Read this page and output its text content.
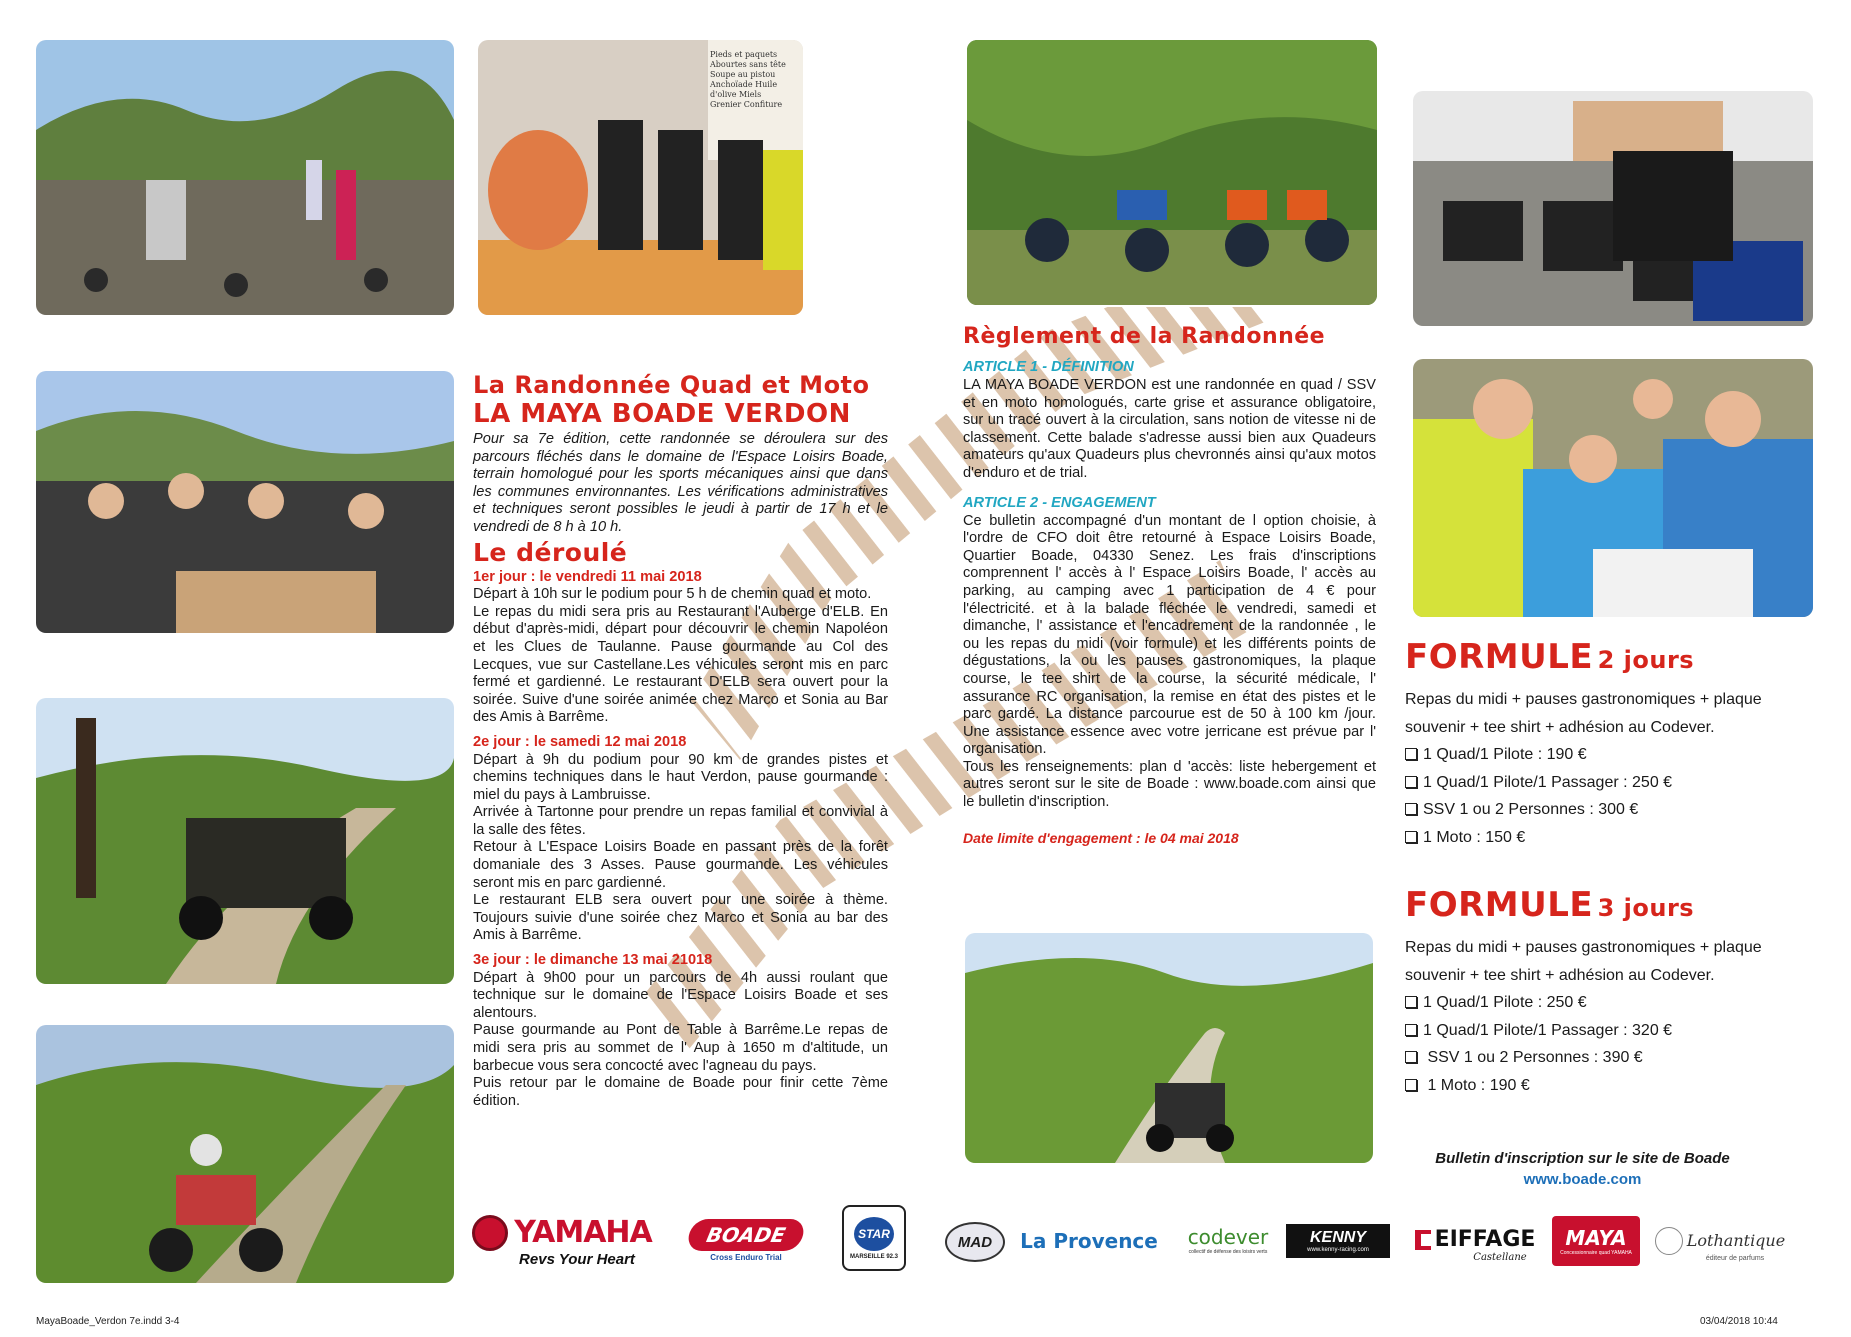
Pieds et paquets Abourtes sans tête Soupe au pistou Anchoïade Huile d'olive Miels Grenier Confiture
La Randonnée Quad et Moto
LA MAYA BOADE VERDON

Pour sa 7e édition, cette randonnée se déroulera sur des parcours fléchés dans le domaine de l'Espace Loisirs Boade, terrain homologué pour les sports mécaniques ainsi que dans les communes environnantes. Les vérifications administratives et techniques seront possibles le jeudi à partir de 17 h et le vendredi de 8 h à 10 h.

Le déroulé
1er jour : le vendredi 11 mai 2018

Départ à 10h sur le podium pour 5 h de chemin quad et moto.

Le repas du midi sera pris au Restaurant l'Auberge d'ELB. En début d'après-midi, départ pour découvrir le chemin Napoléon et les Clues de Taulanne. Pause gourmande au Col des Lecques, vue sur Castellane.Les véhicules seront mis en parc fermé et gardienné. Le restaurant D'ELB sera ouvert pour la soirée. Suive d'une soirée animée chez Marco et Sonia au Bar des Amis à Barrême.

2e jour : le samedi 12 mai 2018

Départ à 9h du podium pour 90 km de grandes pistes et chemins techniques dans le haut Verdon, pause gourmande : miel du pays à Lambruisse.

Arrivée à Tartonne pour prendre un repas familial et convivial à la salle des fêtes.

Retour à L'Espace Loisirs Boade en passant près de la forêt domaniale des 3 Asses. Pause gourmande. Les véhicules seront mis en parc gardienné.

Le restaurant ELB sera ouvert pour une soirée à thème. Toujours suivie d'une soirée chez Marco et Sonia au bar des Amis à Barrême.

3e jour : le dimanche 13 mai 21018

Départ à 9h00 pour un parcours de 4h aussi roulant que technique sur le domaine de l'Espace Loisirs Boade et ses alentours.

Pause gourmande au Pont de Table à Barrême.Le repas de midi sera pris au sommet de l' Aup à 1650 m d'altitude, un barbecue vous sera concocté avec l'agneau du pays.

Puis retour par le domaine de Boade pour finir cette 7ème édition.

Règlement de la Randonnée
ARTICLE 1 - DÉFINITION

LA MAYA BOADE VERDON est une randonnée en quad / SSV et en moto homologués, carte grise et assurance obligatoire, sur un tracé ouvert à la circulation, sans notion de vitesse ni de classement. Cette balade s'adresse aussi bien aux Quadeurs amateurs qu'aux Quadeurs plus chevronnés ainsi qu'aux motos d'enduro et de trial.

ARTICLE 2 - ENGAGEMENT

Ce bulletin accompagné d'un montant de l option choisie, à l'ordre de CFO doit être retourné à Espace Loisirs Boade, Quartier Boade, 04330 Senez. Les frais d'inscriptions comprennent l' accès à l' Espace Loisirs Boade, l' accès au parking, au camping avec 1 participation de 4 € pour l'électricité. et à la balade fléchée le vendredi, samedi et dimanche, l' assistance et l'encadrement de la randonnée , le ou les repas du midi (voir formule) et les différents points de dégustations, la ou les pauses gastronomiques, la plaque course, le tee shirt de la course, la sécurité médicale, l' assurance RC organisation, la remise en état des pistes et le parc gardé. La distance parcourue est de 50 à 100 km /jour. Une assistance essence avec votre jerricane est prévue par l' organisation.

Tous les renseignements: plan d 'accès: liste hebergement et autres seront sur le site de Boade : www.boade.com ainsi que le bulletin d'inscription.

Date limite d'engagement : le 04 mai 2018
FORMULE 2 jours

Repas du midi + pauses gastronomiques + plaque souvenir + tee shirt + adhésion au Codever.

1 Quad/1 Pilote : 190 €

1 Quad/1 Pilote/1 Passager : 250 €

SSV 1 ou 2 Personnes : 300 €

1 Moto : 150 €

FORMULE 3 jours

Repas du midi + pauses gastronomiques + plaque souvenir + tee shirt + adhésion au Codever.

1 Quad/1 Pilote : 250 €

1 Quad/1 Pilote/1 Passager : 320 €

SSV 1 ou 2 Personnes : 390 €

1 Moto : 190 €

Bulletin d'inscription sur le site de Boade
www.boade.com
YAMAHA
Revs Your Heart
BOADE
Cross Enduro Trial
STAR
MARSEILLE 92.3
MAD La Provence codever
collectif de défense des loisirs verts
KENNY
www.kenny-racing.com	EIFFAGE
Castellane
MAYA
Concessionnaire quad YAMAHA
Lothantique
éditeur de parfums
MayaBoade_Verdon 7e.indd 3-4	03/04/2018 10:44
